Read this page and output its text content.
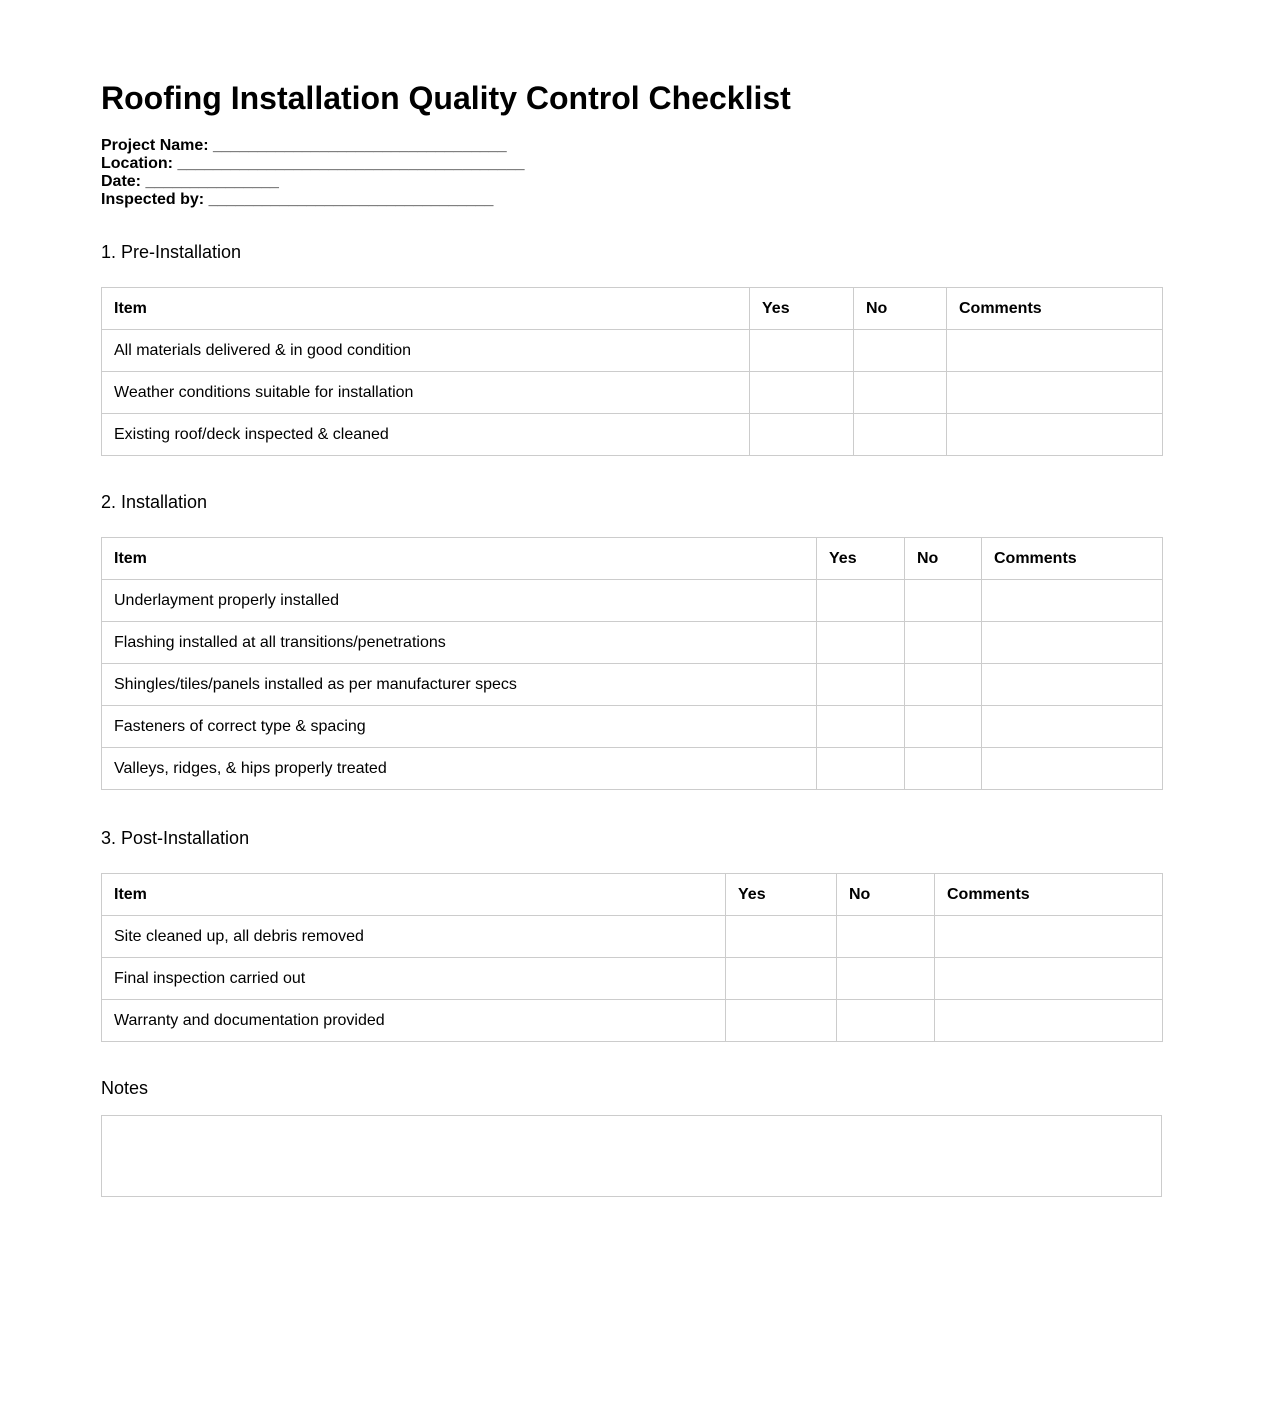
Roofing Installation Quality Control Checklist
Project Name: _________________________________
Location: _______________________________________
Date: _______________
Inspected by: ________________________________
1. Pre-Installation
Item	Yes	No	Comments
All materials delivered & in good condition			
Weather conditions suitable for installation			
Existing roof/deck inspected & cleaned			
2. Installation
Item	Yes	No	Comments
Underlayment properly installed			
Flashing installed at all transitions/penetrations			
Shingles/tiles/panels installed as per manufacturer specs			
Fasteners of correct type & spacing			
Valleys, ridges, & hips properly treated			
3. Post-Installation
Item	Yes	No	Comments
Site cleaned up, all debris removed			
Final inspection carried out			
Warranty and documentation provided			
Notes
